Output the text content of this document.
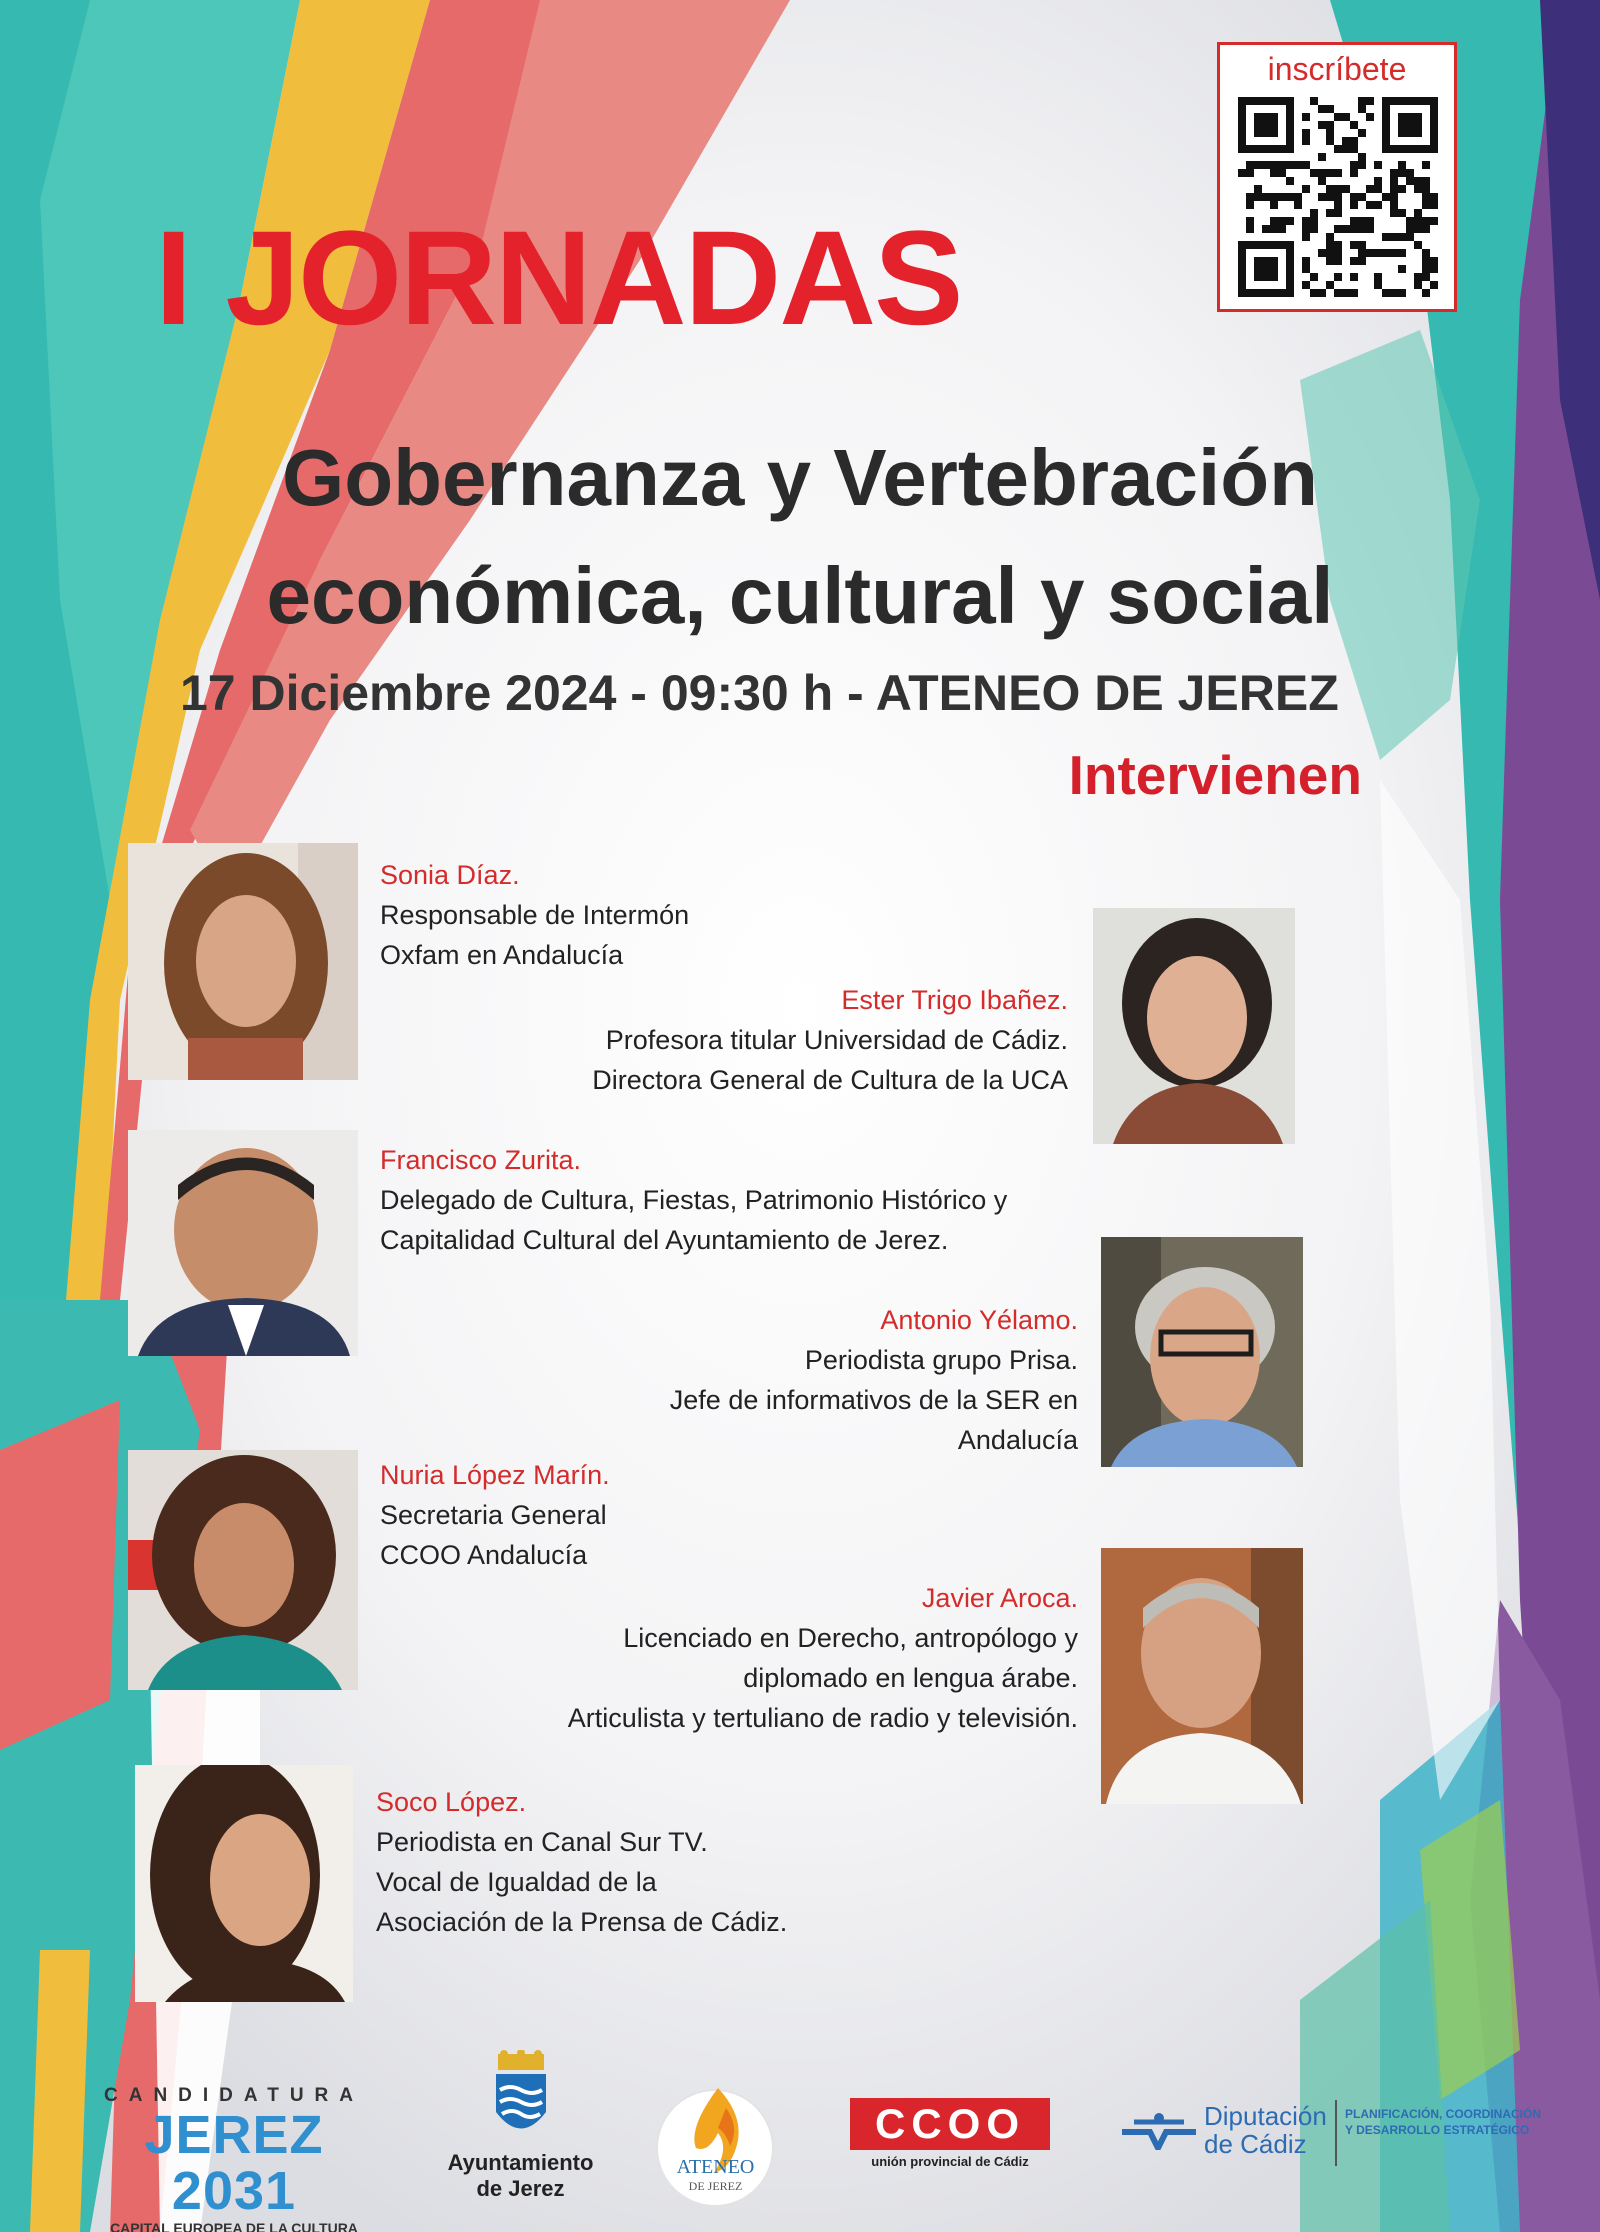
inscríbete
I JORNADAS
Gobernanza y Vertebración
económica, cultural y social
17 Diciembre 2024 - 09:30 h - ATENEO DE JEREZ
Intervienen
Sonia Díaz.
Responsable de Intermón
Oxfam en Andalucía
Ester Trigo Ibañez.
Profesora titular Universidad de Cádiz.
Directora General de Cultura de la UCA
Francisco Zurita.
Delegado de Cultura, Fiestas, Patrimonio Histórico y
Capitalidad Cultural del Ayuntamiento de Jerez.
Antonio Yélamo.
Periodista grupo Prisa.
Jefe de informativos de la SER en
Andalucía
Nuria López Marín.
Secretaria General
CCOO Andalucía
Javier Aroca.
Licenciado en Derecho, antropólogo y
diplomado en lengua árabe.
Articulista y tertuliano de radio y televisión.
Soco López.
Periodista en Canal Sur TV.
Vocal de Igualdad de la
Asociación de la Prensa de Cádiz.
CANDIDATURA
JEREZ 2031
CAPITAL EUROPEA DE LA CULTURA
Ayuntamiento
de Jerez
ATENEO
DE JEREZ
CCOO
unión provincial de Cádiz
Diputación
de Cádiz
PLANIFICACIÓN, COORDINACIÓN
Y DESARROLLO ESTRATÉGICO
